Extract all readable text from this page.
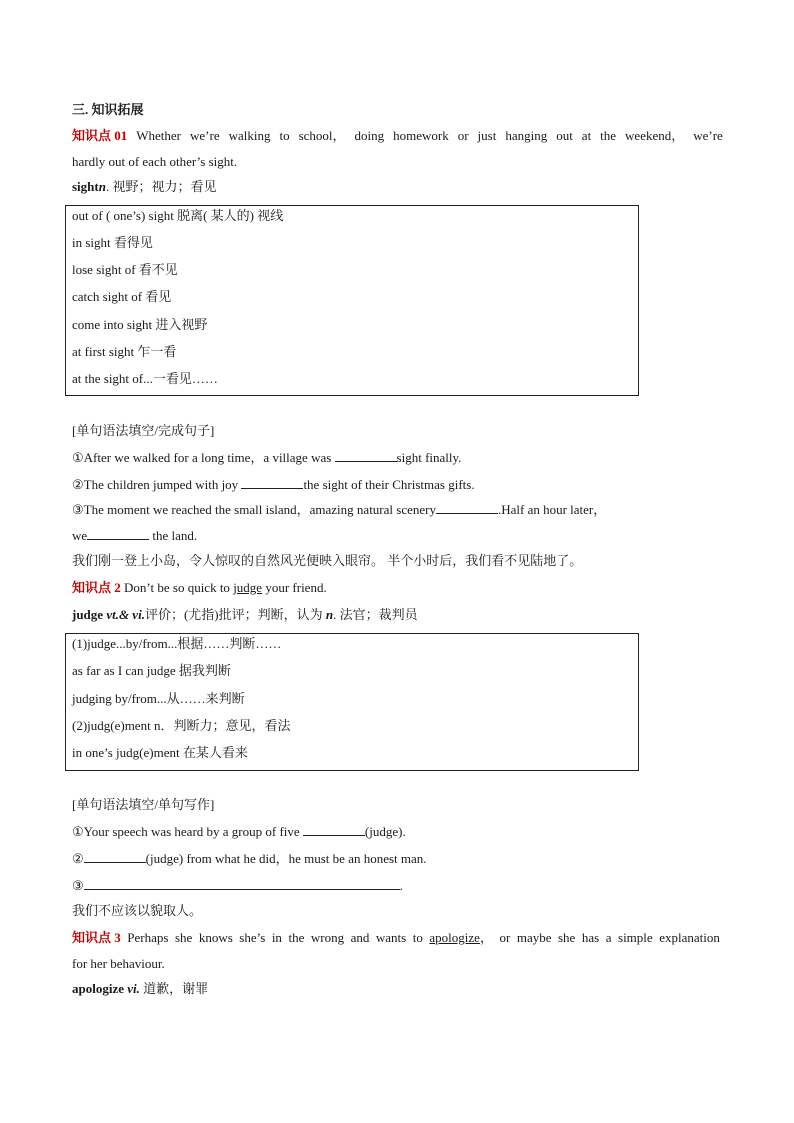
三. 知识拓展
知识点 01 Whether we’re walking to school， doing homework or just hanging out at the weekend， we’re
hardly out of each other’s sight.
sightn. 视野；视力；看见
out of ( one’s) sight 脱离( 某人的) 视线
in sight 看得见
lose sight of 看不见
catch sight of 看见
come into sight 进入视野
at first sight 乍一看
at the sight of...一看见……
[单句语法填空/完成句子]
①After we walked for a long time，a village was	sight finally.
②The children jumped with joy	the sight of their Christmas gifts.
③The moment we reached the small island，amazing natural scenery	.Half an hour later，
we	the land.
我们刚一登上小岛，令人惊叹的自然风光便映入眼帘。 半个小时后，我们看不见陆地了。
知识点 2 Don’t be so quick to judge your friend.
judge vt.& vi.评价；(尤指)批评；判断，认为 n. 法官；裁判员
(1)judge...by/from...根据……判断……
as far as I can judge 据我判断
judging by/from...从……来判断
(2)judg(e)ment n．判断力；意见，看法
in one’s judg(e)ment 在某人看来
[单句语法填空/单句写作]
①Your speech was heard by a group of five	(judge).
②	(judge) from what he did，he must be an honest man.
③	.
我们不应该以貌取人。
知识点 3 Perhaps she knows she’s in the wrong and wants to apologize， or maybe she has a simple explanation
for her behaviour.
apologize vi. 道歉，谢罪
